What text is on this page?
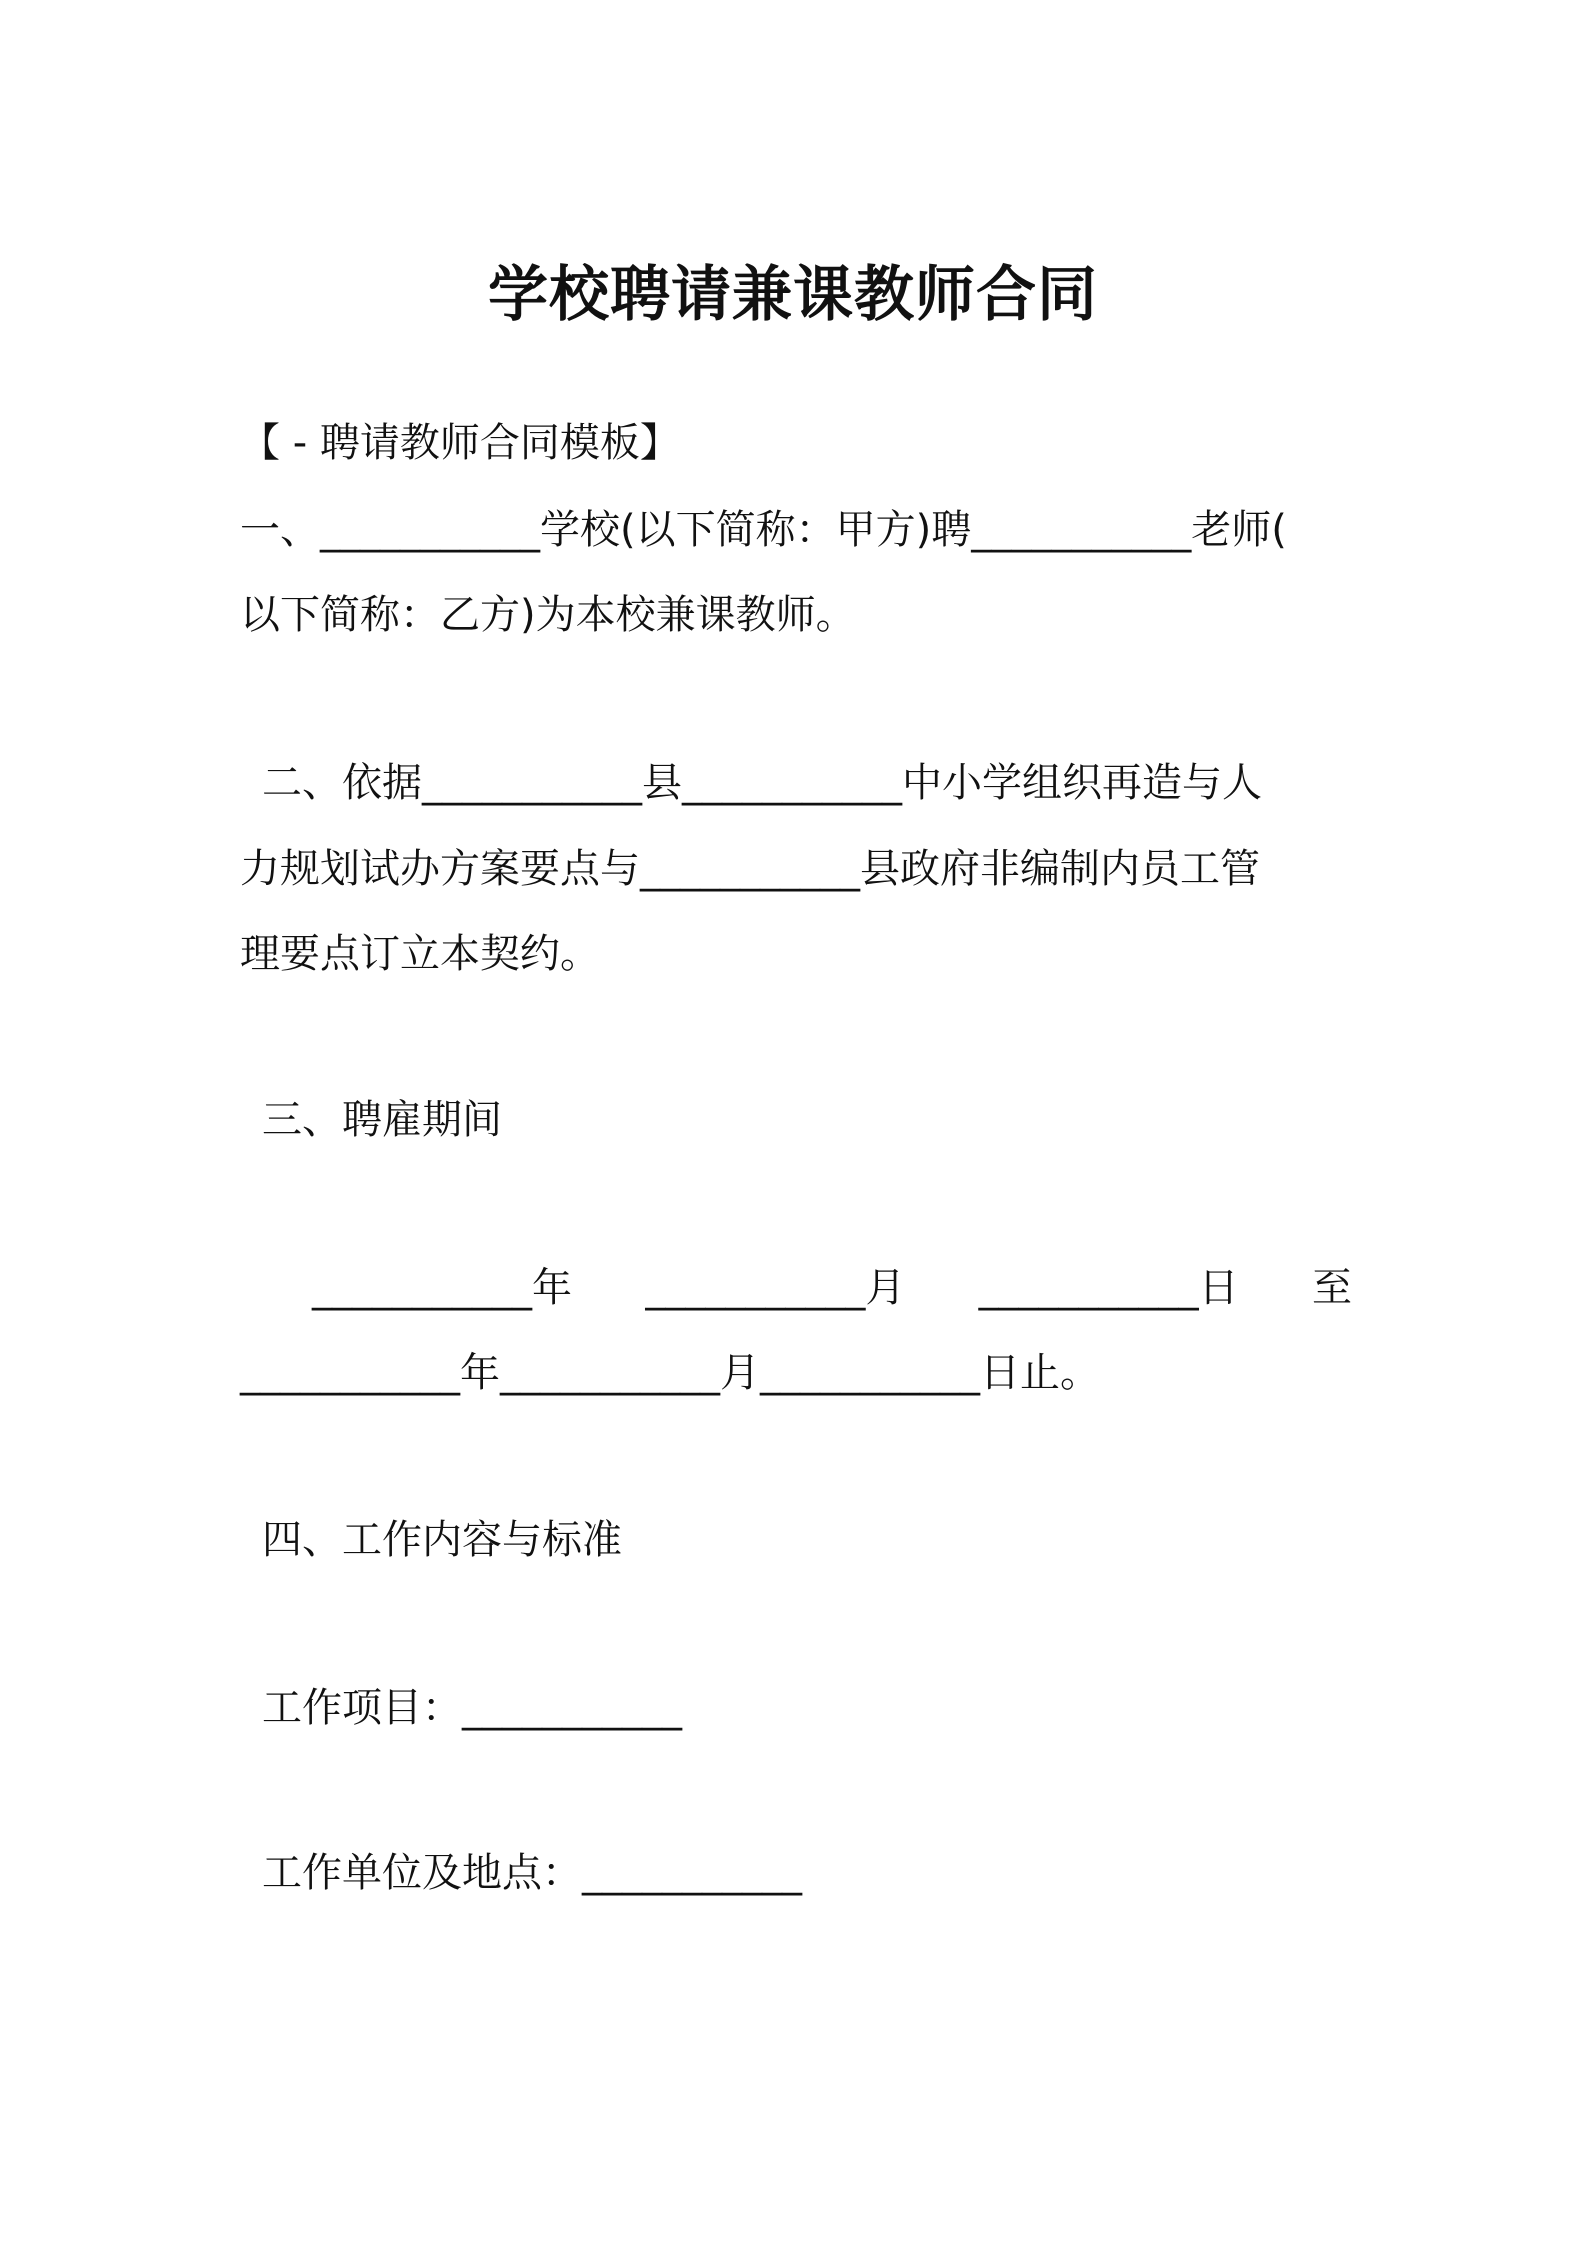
学校聘请兼课教师合同
【 - 聘请教师合同模板】
一、___________学校(以下简称：甲方)聘___________老师(
以下简称：乙方)为本校兼课教师。
二、依据___________县___________中小学组织再造与人
力规划试办方案要点与___________县政府非编制内员工管
理要点订立本契约。
三、聘雇期间
___________年 ___________月 ___________日 至
___________年___________月___________日止。
四、工作内容与标准
工作项目：___________
工作单位及地点：___________
